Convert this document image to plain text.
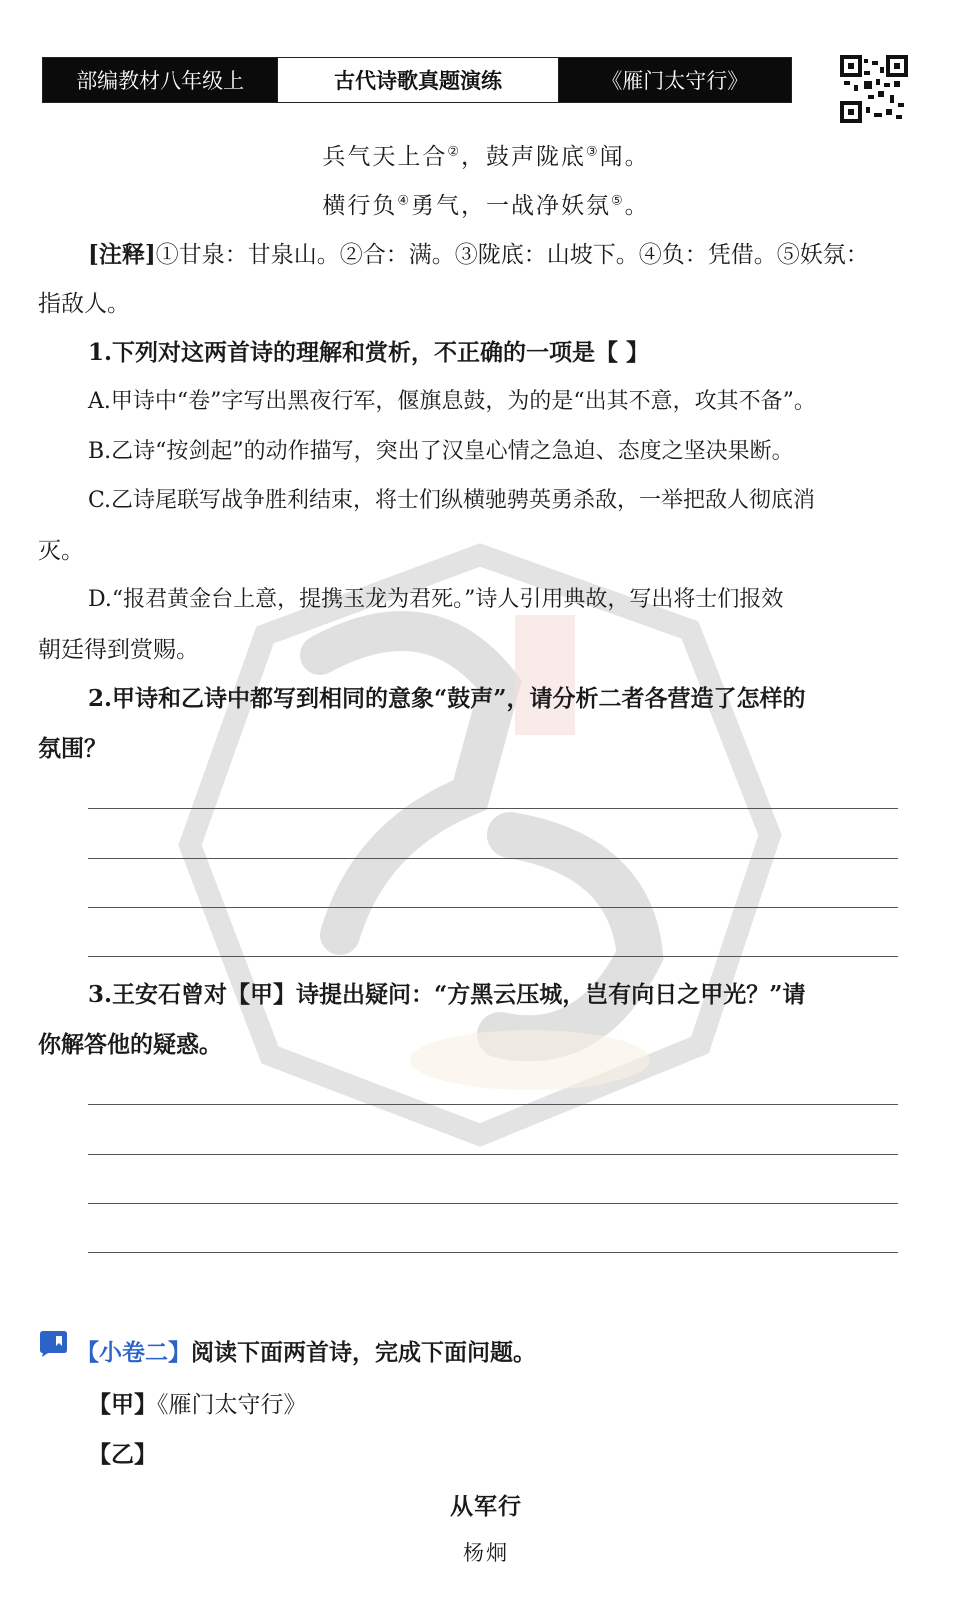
部编教材八年级上	古代诗歌真题演练	《雁门太守行》
兵气天上合②，鼓声陇底③闻。
横行负④勇气，一战净妖氛⑤。
[注释]①甘泉：甘泉山。②合：满。③陇底：山坡下。④负：凭借。⑤妖氛：
指敌人。
1.下列对这两首诗的理解和赏析，不正确的一项是【 】
A.甲诗中“卷”字写出黑夜行军，偃旗息鼓，为的是“出其不意，攻其不备”。
B.乙诗“按剑起”的动作描写，突出了汉皇心情之急迫、态度之坚决果断。
C.乙诗尾联写战争胜利结束，将士们纵横驰骋英勇杀敌，一举把敌人彻底消
灭。
D.“报君黄金台上意，提携玉龙为君死。”诗人引用典故，写出将士们报效
朝廷得到赏赐。
2.甲诗和乙诗中都写到相同的意象“鼓声”，请分析二者各营造了怎样的
氛围？
3.王安石曾对【甲】诗提出疑问：“方黑云压城，岂有向日之甲光？”请
你解答他的疑惑。
【小卷二】阅读下面两首诗，完成下面问题。
【甲】《雁门太守行》
【乙】
从军行
杨炯
